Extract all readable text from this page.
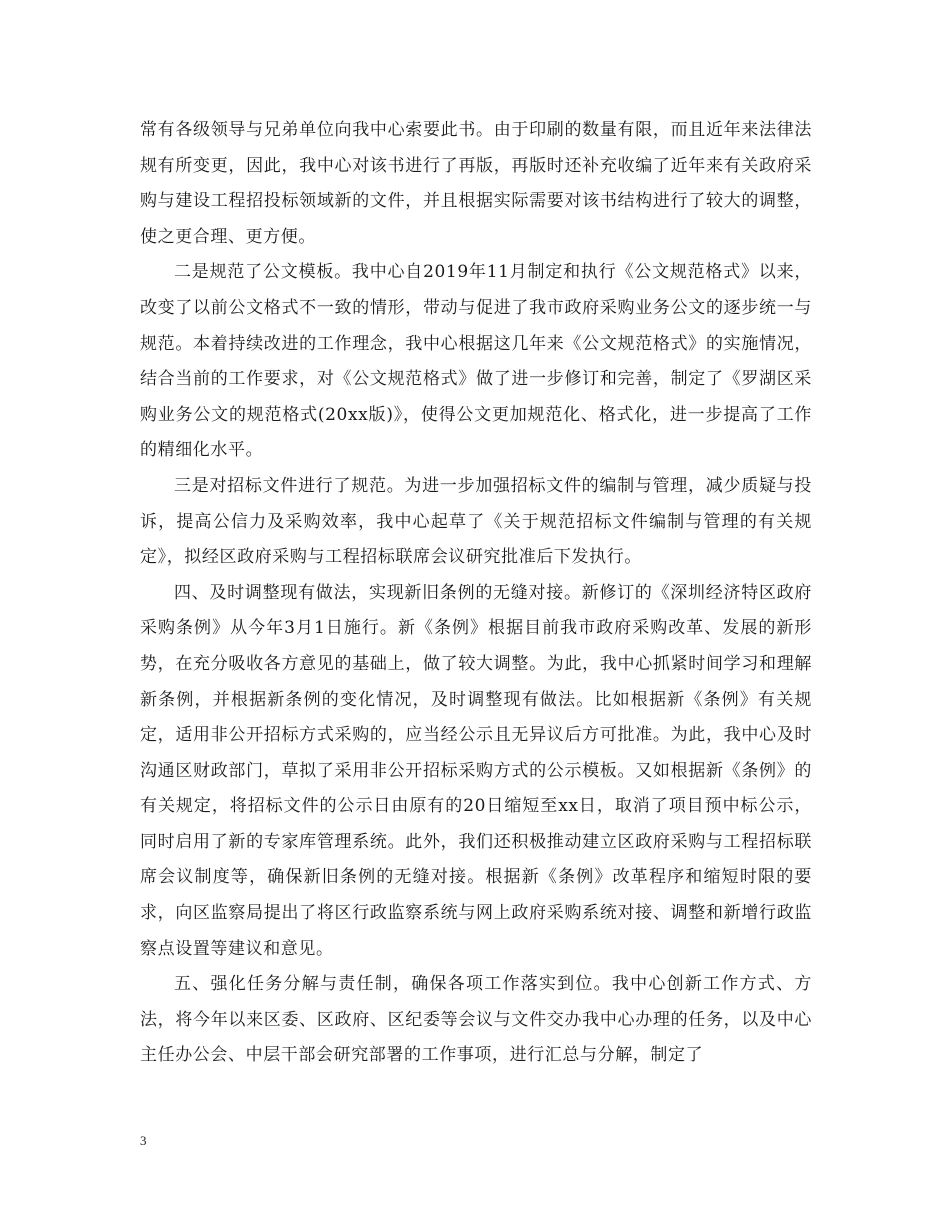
常有各级领导与兄弟单位向我中心索要此书。由于印刷的数量有限，而且近年来法律法规有所变更，因此，我中心对该书进行了再版，再版时还补充收编了近年来有关政府采购与建设工程招投标领域新的文件，并且根据实际需要对该书结构进行了较大的调整，使之更合理、更方便。

二是规范了公文模板。我中心自2019年11月制定和执行《公文规范格式》以来，改变了以前公文格式不一致的情形，带动与促进了我市政府采购业务公文的逐步统一与规范。本着持续改进的工作理念，我中心根据这几年来《公文规范格式》的实施情况，结合当前的工作要求，对《公文规范格式》做了进一步修订和完善，制定了《罗湖区采购业务公文的规范格式(20xx版)》，使得公文更加规范化、格式化，进一步提高了工作的精细化水平。

三是对招标文件进行了规范。为进一步加强招标文件的编制与管理，减少质疑与投诉，提高公信力及采购效率，我中心起草了《关于规范招标文件编制与管理的有关规定》，拟经区政府采购与工程招标联席会议研究批准后下发执行。

四、及时调整现有做法，实现新旧条例的无缝对接。新修订的《深圳经济特区政府采购条例》从今年3月1日施行。新《条例》根据目前我市政府采购改革、发展的新形势，在充分吸收各方意见的基础上，做了较大调整。为此，我中心抓紧时间学习和理解新条例，并根据新条例的变化情况，及时调整现有做法。比如根据新《条例》有关规定，适用非公开招标方式采购的，应当经公示且无异议后方可批准。为此，我中心及时沟通区财政部门，草拟了采用非公开招标采购方式的公示模板。又如根据新《条例》的有关规定，将招标文件的公示日由原有的20日缩短至xx日，取消了项目预中标公示，同时启用了新的专家库管理系统。此外，我们还积极推动建立区政府采购与工程招标联席会议制度等，确保新旧条例的无缝对接。根据新《条例》改革程序和缩短时限的要求，向区监察局提出了将区行政监察系统与网上政府采购系统对接、调整和新增行政监察点设置等建议和意见。

五、强化任务分解与责任制，确保各项工作落实到位。我中心创新工作方式、方法，将今年以来区委、区政府、区纪委等会议与文件交办我中心办理的任务，以及中心主任办公会、中层干部会研究部署的工作事项，进行汇总与分解，制定了

3
